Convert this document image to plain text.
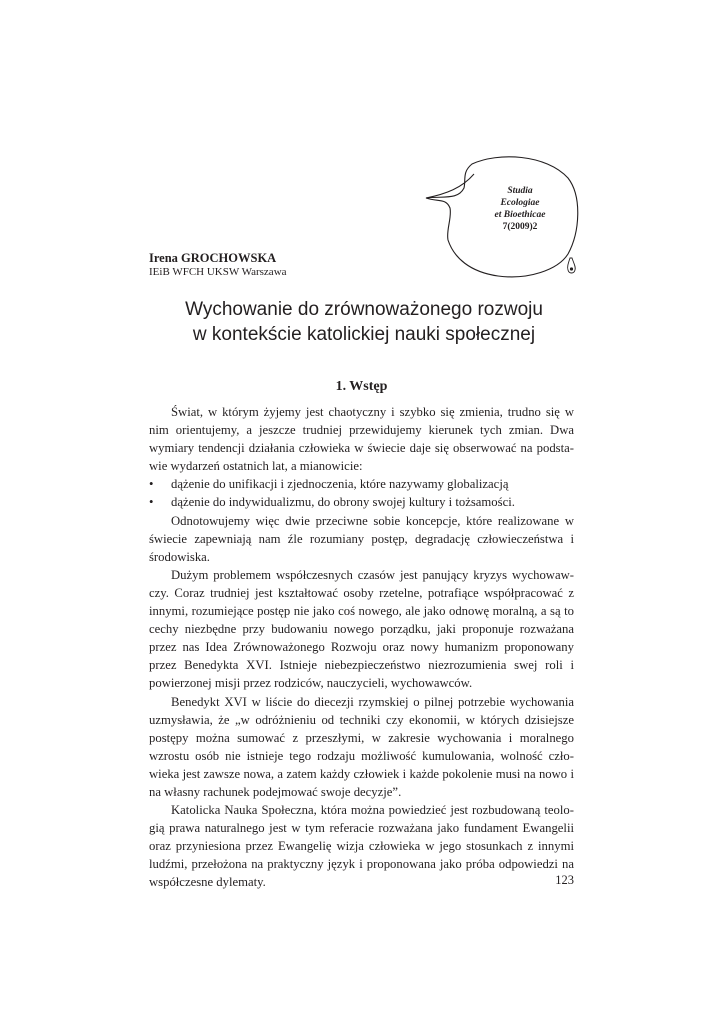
Studia
Ecologiae
et Bioethicae
7(2009)2
Irena GROCHOWSKA
IEiB WFCH UKSW Warszawa
Wychowanie do zrównoważonego rozwoju
w kontekście katolickiej nauki społecznej
1. Wstęp

Świat, w którym żyjemy jest chaotyczny i szybko się zmienia, trudno się w nim orientujemy, a jeszcze trudniej przewidujemy kierunek tych zmian. Dwa wymiary tendencji działania człowieka w świecie daje się obserwować na podstawie wydarzeń ostatnich lat, a mianowicie:

• dążenie do unifikacji i zjednoczenia, które nazywamy globalizacją
• dążenie do indywidualizmu, do obrony swojej kultury i tożsamości.

Odnotowujemy więc dwie przeciwne sobie koncepcje, które realizowane w świecie zapewniają nam źle rozumiany postęp, degradację człowieczeństwa i środowiska.

Dużym problemem współczesnych czasów jest panujący kryzys wychowawczy. Coraz trudniej jest kształtować osoby rzetelne, potrafiące współpracować z innymi, rozumiejące postęp nie jako coś nowego, ale jako odnowę moralną, a są to cechy niezbędne przy budowaniu nowego porządku, jaki proponuje rozważana przez nas Idea Zrównoważonego Rozwoju oraz nowy humanizm proponowany przez Benedykta XVI. Istnieje niebezpieczeństwo niezrozumienia swej roli i powierzonej misji przez rodziców, nauczycieli, wychowawców.

Benedykt XVI w liście do diecezji rzymskiej o pilnej potrzebie wychowania uzmysławia, że „w odróżnieniu od techniki czy ekonomii, w których dzisiejsze postępy można sumować z przeszłymi, w zakresie wychowania i moralnego wzrostu osób nie istnieje tego rodzaju możliwość kumulowania, wolność człowieka jest zawsze nowa, a zatem każdy człowiek i każde pokolenie musi na nowo i na własny rachunek podejmować swoje decyzje”.

Katolicka Nauka Społeczna, która można powiedzieć jest rozbudowaną teologią prawa naturalnego jest w tym referacie rozważana jako fundament Ewangelii oraz przyniesiona przez Ewangelię wizja człowieka w jego stosunkach z innymi ludźmi, przełożona na praktyczny język i proponowana jako próba odpowiedzi na współczesne dylematy.	123
